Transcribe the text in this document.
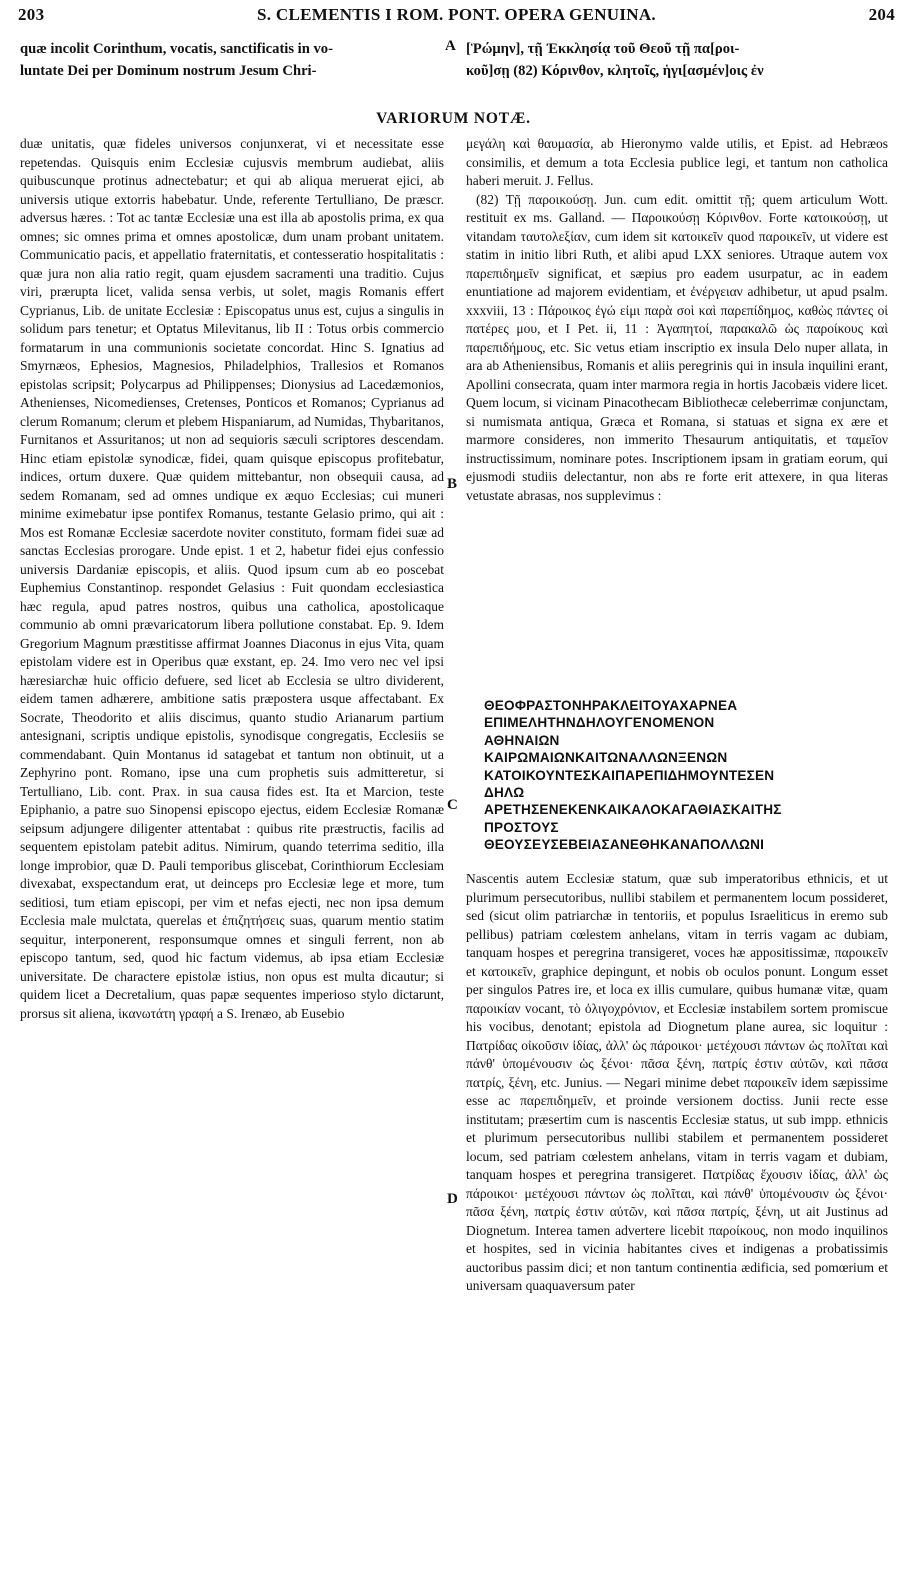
203	S. CLEMENTIS I ROM. PONT. OPERA GENUINA.	204
quæ incolit Corinthum, vocatis, sanctificatis in vo-
luntate Dei per Dominum nostrum Jesum Chri-
A [Ῥώμην], τῇ Ἐκκλησίᾳ τοῦ Θεοῦ τῇ πα[ροι-
κοῦ]σῃ (82) Κόρινθον, κλητοῖς, ἡγι[ασμέν]οις ἐν
VARIORUM NOTÆ.

duæ unitatis, quæ fideles universos conjunxerat, vi et necessitate esse repetendas. Quisquis enim Ecclesiæ cujusvis membrum audiebat, aliis quibuscunque protinus adnectebatur; et qui ab aliqua meruerat ejici, ab universis utique extorris habebatur. Unde, referente Tertulliano, De præscr. adversus hæres. : Tot ac tantæ Ecclesiæ una est illa ab apostolis prima, ex qua omnes; sic omnes prima et omnes apostolicæ, dum unam probant unitatem. Communicatio pacis, et appellatio fraternitatis, et contesseratio hospitalitatis : quæ jura non alia ratio regit, quam ejusdem sacramenti una traditio. Cujus viri, prærupta licet, valida sensa verbis, ut solet, magis Romanis effert Cyprianus, Lib. de unitate Ecclesiæ : Episcopatus unus est, cujus a singulis in solidum pars tenetur; et Optatus Milevitanus, lib II : Totus orbis commercio formatarum in una communionis societate concordat. Hinc S. Ignatius ad Smyrnæos, Ephesios, Magnesios, Philadelphios, Trallesios et Romanos epistolas scripsit; Polycarpus ad Philippenses; Dionysius ad Lacedæmonios, Athenienses, Nicomedienses, Cretenses, Ponticos et Romanos; Cyprianus ad clerum Romanum; clerum et plebem Hispaniarum, ad Numidas, Thybaritanos, Furnitanos et Assuritanos; ut non ad sequioris sæculi scriptores descendam. Hinc etiam epistolæ synodicæ, fidei, quam quisque episcopus profitebatur, indices, ortum duxere. Quæ quidem mittebantur, non obsequii causa, ad sedem Romanam, sed ad omnes undique ex æquo Ecclesias; cui muneri minime eximebatur ipse pontifex Romanus, testante Gelasio primo, qui ait : Mos est Romanæ Ecclesiæ sacerdote noviter constituto, formam fidei suæ ad sanctas Ecclesias prorogare. Unde epist. 1 et 2, habetur fidei ejus confessio universis Dardaniæ episcopis, et aliis. Quod ipsum cum ab eo poscebat Euphemius Constantinop. respondet Gelasius : Fuit quondam ecclesiastica hæc regula, apud patres nostros, quibus una catholica, apostolicaque communio ab omni prævaricatorum libera pollutione constabat. Ep. 9. Idem Gregorium Magnum præstitisse affirmat Joannes Diaconus in ejus Vita, quam epistolam videre est in Operibus quæ exstant, ep. 24. Imo vero nec vel ipsi hæresiarchæ huic officio defuere, sed licet ab Ecclesia se ultro dividerent, eidem tamen adhærere, ambitione satis præpostera usque affectabant. Ex Socrate, Theodorito et aliis discimus, quanto studio Arianarum partium antesignani, scriptis undique epistolis, synodisque congregatis, Ecclesiis se commendabant. Quin Montanus id satagebat et tantum non obtinuit, ut a Zephyrino pont. Romano, ipse una cum prophetis suis admitteretur, si Tertulliano, Lib. cont. Prax. in sua causa fides est. Ita et Marcion, teste Epiphanio, a patre suo Sinopensi episcopo ejectus, eidem Ecclesiæ Romanæ seipsum adjungere diligenter attentabat : quibus rite præstructis, facilis ad sequentem epistolam patebit aditus. Nimirum, quando teterrima seditio, illa longe improbior, quæ D. Pauli temporibus gliscebat, Corinthiorum Ecclesiam divexabat, exspectandum erat, ut deinceps pro Ecclesiæ lege et more, tum seditiosi, tum etiam episcopi, per vim et nefas ejecti, nec non ipsa demum Ecclesia male mulctata, querelas et ἐπιζητήσεις suas, quarum mentio statim sequitur, interponerent, responsumque omnes et singuli ferrent, non ab episcopo tantum, sed, quod hic factum videmus, ab ipsa etiam Ecclesiæ universitate. De charactere epistolæ istius, non opus est multa dicautur; si quidem licet a Decretalium, quas papæ sequentes imperioso stylo dictarunt, prorsus sit aliena, ἱκανωτάτη γραφή a S. Irenæo, ab Eusebio

B
C
D

μεγάλη καὶ θαυμασία, ab Hieronymo valde utilis, et Epist. ad Hebræos consimilis, et demum a tota Ecclesia publice legi, et tantum non catholica haberi meruit. J. Fellus.

(82) Τῇ παροικούσῃ. Jun. cum edit. omittit τῇ; quem articulum Wott. restituit ex ms. Galland. — Παροικούσῃ Κόρινθον. Forte κατοικούσῃ, ut vitandam ταυτολεξίαν, cum idem sit κατοικεῖν quod παροικεῖν, ut videre est statim in initio libri Ruth, et alibi apud LXX seniores. Utraque autem vox παρεπιδημεῖν significat, et sæpius pro eadem usurpatur, ac in eadem enuntiatione ad majorem evidentiam, et ἐνέργειαν adhibetur, ut apud psalm. xxxviii, 13 : Πάροικος ἐγώ εἰμι παρὰ σοὶ καὶ παρεπίδημος, καθὼς πάντες οἱ πατέρες μου, et I Pet. ii, 11 : Ἀγαπητοί, παρακαλῶ ὡς παροίκους καὶ παρεπιδήμους, etc. Sic vetus etiam inscriptio ex insula Delo nuper allata, in ara ab Atheniensibus, Romanis et aliis peregrinis qui in insula inquilini erant, Apollini consecrata, quam inter marmora regia in hortis Jacobæis videre licet. Quem locum, si vicinam Pinacothecam Bibliothecæ celeberrimæ conjunctam, si numismata antiqua, Græca et Romana, si statuas et signa ex ære et marmore consideres, non immerito Thesaurum antiquitatis, et ταμεῖον instructissimum, nominare potes. Inscriptionem ipsam in gratiam eorum, qui ejusmodi studiis delectantur, non abs re forte erit attexere, in qua literas vetustate abrasas, nos supplevimus :

ΘΕΟΦΡΑΣΤΟΝΗΡΑΚΛΕΙΤΟΥΑΧΑΡΝΕΑ
ΕΠΙΜΕΛΗΤΗΝΔΗΛΟΥΓΕΝΟΜΕΝΟΝ
ΑΘΗΝΑΙΩΝ
ΚΑΙΡΩΜΑΙΩΝΚΑΙΤΩΝΑΛΛΩΝΞΕΝΩΝ
ΚΑΤΟΙΚΟΥΝΤΕΣΚΑΙΠΑΡΕΠΙΔΗΜΟΥΝΤΕΣΕΝ
ΔΗΛΩ
ΑΡΕΤΗΣΕΝΕΚΕΝΚΑΙΚΑΛΟΚΑΓΑΘΙΑΣΚΑΙΤΗΣ
ΠΡΟΣΤΟΥΣ
ΘΕΟΥΣΕΥΣΕΒΕΙΑΣΑΝΕΘΗΚΑΝΑΠΟΛΛΩΝΙ

Nascentis autem Ecclesiæ statum, quæ sub imperatoribus ethnicis, et ut plurimum persecutoribus, nullibi stabilem et permanentem locum possideret, sed (sicut olim patriarchæ in tentoriis, et populus Israeliticus in eremo sub pellibus) patriam cœlestem anhelans, vitam in terris vagam ac dubiam, tanquam hospes et peregrina transigeret, voces hæ appositissimæ, παροικεῖν et κατοικεῖν, graphice depingunt, et nobis ob oculos ponunt. Longum esset per singulos Patres ire, et loca ex illis cumulare, quibus humanæ vitæ, quam παροικίαν vocant, τὸ ὀλιγοχρόνιον, et Ecclesiæ instabilem sortem promiscue his vocibus, denotant; epistola ad Diognetum plane aurea, sic loquitur : Πατρίδας οἰκοῦσιν ἰδίας, ἀλλ' ὡς πάροικοι· μετέχουσι πάντων ὡς πολῖται καὶ πάνθ' ὑπομένουσιν ὡς ξένοι· πᾶσα ξένη, πατρίς ἐστιν αὐτῶν, καὶ πᾶσα πατρίς, ξένη, etc. Junius. — Negari minime debet παροικεῖν idem sæpissime esse ac παρεπιδημεῖν, et proinde versionem doctiss. Junii recte esse institutam; præsertim cum is nascentis Ecclesiæ status, ut sub impp. ethnicis et plurimum persecutoribus nullibi stabilem et permanentem possideret locum, sed patriam cœlestem anhelans, vitam in terris vagam et dubiam, tanquam hospes et peregrina transigeret. Πατρίδας ἔχουσιν ἰδίας, ἀλλ' ὡς πάροικοι· μετέχουσι πάντων ὡς πολῖται, καὶ πάνθ' ὑπομένουσιν ὡς ξένοι· πᾶσα ξένη, πατρίς ἐστιν αὐτῶν, καὶ πᾶσα πατρίς, ξένη, ut ait Justinus ad Diognetum. Interea tamen advertere licebit παροίκους, non modo inquilinos et hospites, sed in vicinia habitantes cives et indigenas a probatissimis auctoribus passim dici; et non tantum continentia ædificia, sed pomœrium et universam quaquaversum pater
